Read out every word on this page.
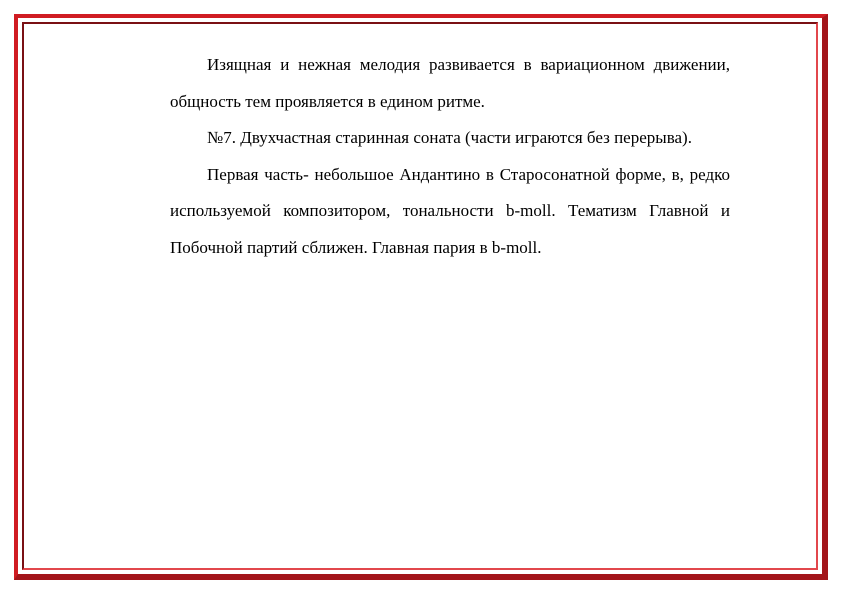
Изящная и нежная мелодия развивается в вариационном движении, общность тем проявляется в едином ритме.

№7. Двухчастная старинная соната (части играются без перерыва).

Первая часть- небольшое Андантино в Старосонатной форме, в, редко используемой композитором, тональности b-moll. Тематизм Главной и Побочной партий сближен. Главная пария в b-moll.
